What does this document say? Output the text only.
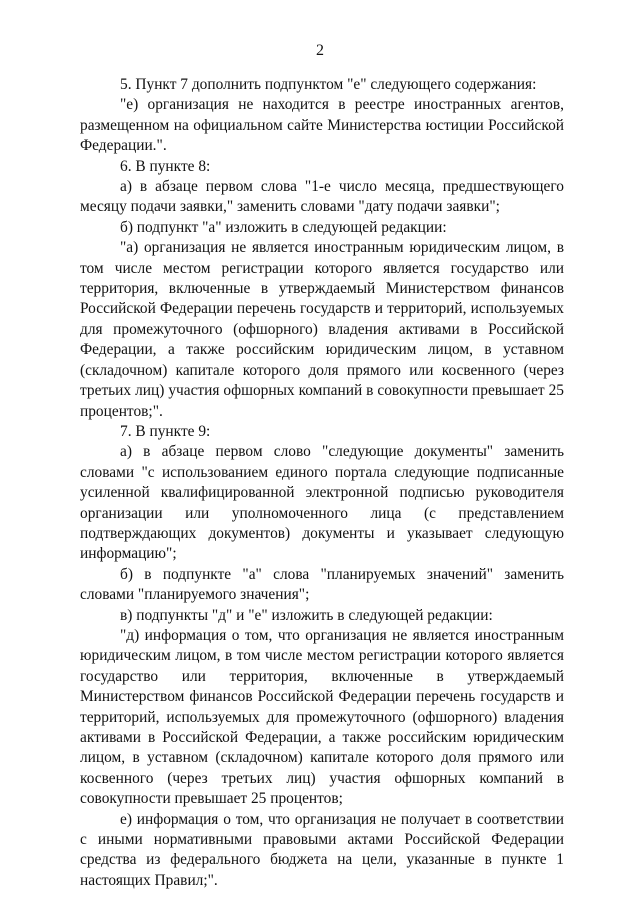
2

5. Пункт 7 дополнить подпунктом "е" следующего содержания:

"е) организация не находится в реестре иностранных агентов, размещенном на официальном сайте Министерства юстиции Российской Федерации.".

6. В пункте 8:

а) в абзаце первом слова "1-е число месяца, предшествующего месяцу подачи заявки," заменить словами "дату подачи заявки";

б) подпункт "а" изложить в следующей редакции:

"а) организация не является иностранным юридическим лицом, в том числе местом регистрации которого является государство или территория, включенные в утверждаемый Министерством финансов Российской Федерации перечень государств и территорий, используемых для промежуточного (офшорного) владения активами в Российской Федерации, а также российским юридическим лицом, в уставном (складочном) капитале которого доля прямого или косвенного (через третьих лиц) участия офшорных компаний в совокупности превышает 25 процентов;".

7. В пункте 9:

а) в абзаце первом слово "следующие документы" заменить словами "с использованием единого портала следующие подписанные усиленной квалифицированной электронной подписью руководителя организации или уполномоченного лица (с представлением подтверждающих документов) документы и указывает следующую информацию";

б) в подпункте "а" слова "планируемых значений" заменить словами "планируемого значения";

в) подпункты "д" и "е" изложить в следующей редакции:

"д) информация о том, что организация не является иностранным юридическим лицом, в том числе местом регистрации которого является государство или территория, включенные в утверждаемый Министерством финансов Российской Федерации перечень государств и территорий, используемых для промежуточного (офшорного) владения активами в Российской Федерации, а также российским юридическим лицом, в уставном (складочном) капитале которого доля прямого или косвенного (через третьих лиц) участия офшорных компаний в совокупности превышает 25 процентов;

е) информация о том, что организация не получает в соответствии с иными нормативными правовыми актами Российской Федерации средства из федерального бюджета на цели, указанные в пункте 1 настоящих Правил;".
